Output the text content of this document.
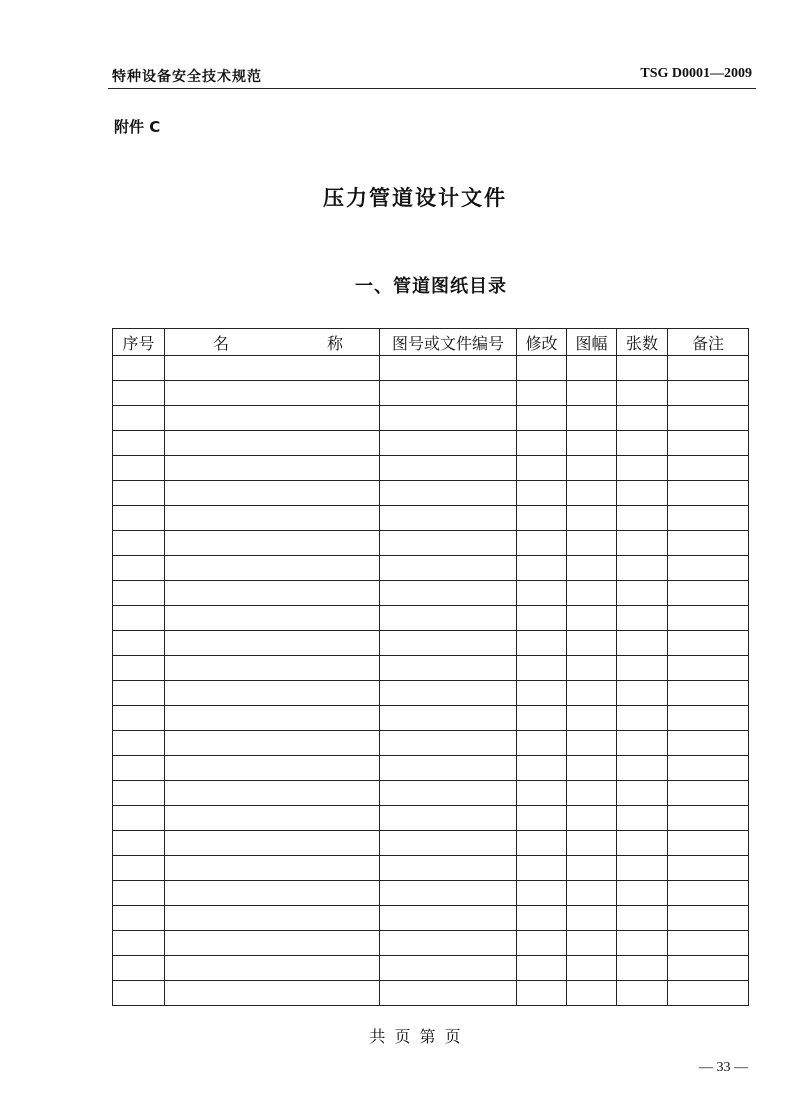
特种设备安全技术规范	TSG D0001—2009
附件 C
压力管道设计文件
一、管道图纸目录
序号	名 称	图号或文件编号	修改	图幅	张数	备注

共 页 第 页
— 33 —
